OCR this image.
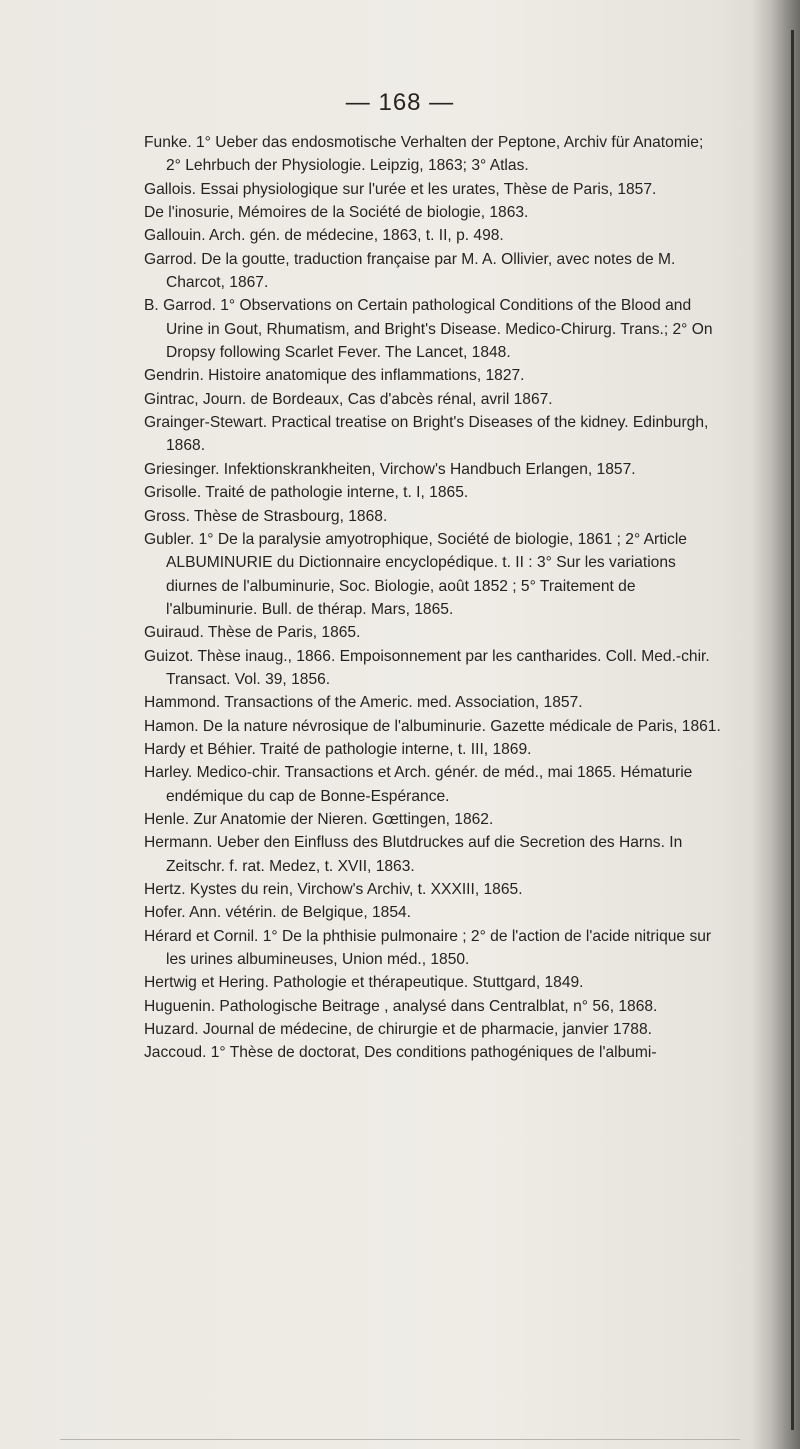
— 168 —
Funke. 1° Ueber das endosmotische Verhalten der Peptone, Archiv für Anatomie; 2° Lehrbuch der Physiologie. Leipzig, 1863; 3° Atlas.
Gallois. Essai physiologique sur l'urée et les urates, Thèse de Paris, 1857.
De l'inosurie, Mémoires de la Société de biologie, 1863.
Gallouin. Arch. gén. de médecine, 1863, t. II, p. 498.
Garrod. De la goutte, traduction française par M. A. Ollivier, avec notes de M. Charcot, 1867.
B. Garrod. 1° Observations on Certain pathological Conditions of the Blood and Urine in Gout, Rhumatism, and Bright's Disease. Medico-Chirurg. Trans.; 2° On Dropsy following Scarlet Fever. The Lancet, 1848.
Gendrin. Histoire anatomique des inflammations, 1827.
Gintrac, Journ. de Bordeaux, Cas d'abcès rénal, avril 1867.
Grainger-Stewart. Practical treatise on Bright's Diseases of the kidney. Edinburgh, 1868.
Griesinger. Infektionskrankheiten, Virchow's Handbuch Erlangen, 1857.
Grisolle. Traité de pathologie interne, t. I, 1865.
Gross. Thèse de Strasbourg, 1868.
Gubler. 1° De la paralysie amyotrophique, Société de biologie, 1861 ; 2° Article ALBUMINURIE du Dictionnaire encyclopédique. t. II : 3° Sur les variations diurnes de l'albuminurie, Soc. Biologie, août 1852 ; 5° Traitement de l'albuminurie. Bull. de thérap. Mars, 1865.
Guiraud. Thèse de Paris, 1865.
Guizot. Thèse inaug., 1866. Empoisonnement par les cantharides. Coll. Med.-chir. Transact. Vol. 39, 1856.
Hammond. Transactions of the Americ. med. Association, 1857.
Hamon. De la nature névrosique de l'albuminurie. Gazette médicale de Paris, 1861.
Hardy et Béhier. Traité de pathologie interne, t. III, 1869.
Harley. Medico-chir. Transactions et Arch. génér. de méd., mai 1865. Hématurie endémique du cap de Bonne-Espérance.
Henle. Zur Anatomie der Nieren. Gœttingen, 1862.
Hermann. Ueber den Einfluss des Blutdruckes auf die Secretion des Harns. In Zeitschr. f. rat. Medez, t. XVII, 1863.
Hertz. Kystes du rein, Virchow's Archiv, t. XXXIII, 1865.
Hofer. Ann. vétérin. de Belgique, 1854.
Hérard et Cornil. 1° De la phthisie pulmonaire ; 2° de l'action de l'acide nitrique sur les urines albumineuses, Union méd., 1850.
Hertwig et Hering. Pathologie et thérapeutique. Stuttgard, 1849.
Huguenin. Pathologische Beitrage , analysé dans Centralblat, n° 56, 1868.
Huzard. Journal de médecine, de chirurgie et de pharmacie, janvier 1788.
Jaccoud. 1° Thèse de doctorat, Des conditions pathogéniques de l'albumi-
